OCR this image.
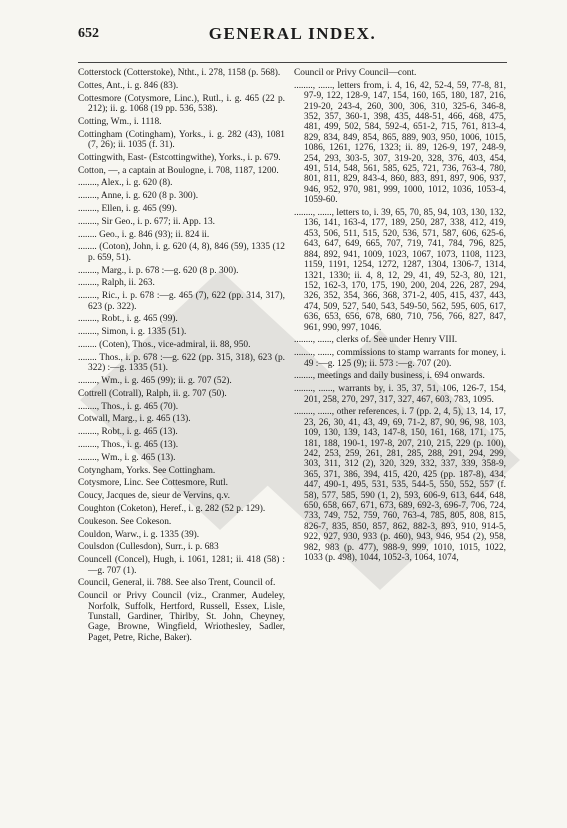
652	GENERAL INDEX.

Cotterstock (Cotterstoke), Ntht., i. 278, 1158 (p. 568).

Cottes, Ant., i. g. 846 (83).

Cottesmore (Cotysmore, Linc.), Rutl., i. g. 465 (22 p. 212); ii. g. 1068 (19 pp. 536, 538).

Cotting, Wm., i. 1118.

Cottingham (Cotingham), Yorks., i. g. 282 (43), 1081 (7, 26); ii. 1035 (f. 31).

Cottingwith, East- (Estcottingwithe), Yorks., i. p. 679.

Cotton, —, a captain at Boulogne, i. 708, 1187, 1200.

........, Alex., i. g. 620 (8).

........, Anne, i. g. 620 (8 p. 300).

........, Ellen, i. g. 465 (99).

........, Sir Geo., i. p. 677; ii. App. 13.

........ Geo., i. g. 846 (93); ii. 824 ii.

........ (Coton), John, i. g. 620 (4, 8), 846 (59), 1335 (12 p. 659, 51).

........, Marg., i. p. 678 :—g. 620 (8 p. 300).

........, Ralph, ii. 263.

........, Ric., i. p. 678 :—g. 465 (7), 622 (pp. 314, 317), 623 (p. 322).

........, Robt., i. g. 465 (99).

........, Simon, i. g. 1335 (51).

........ (Coten), Thos., vice-admiral, ii. 88, 950.

........ Thos., i. p. 678 :—g. 622 (pp. 315, 318), 623 (p. 322) :—g. 1335 (51).

........, Wm., i. g. 465 (99); ii. g. 707 (52).

Cottrell (Cotrall), Ralph, ii. g. 707 (50).

........, Thos., i. g. 465 (70).

Cotwall, Marg., i. g. 465 (13).

........, Robt., i. g. 465 (13).

........, Thos., i. g. 465 (13).

........, Wm., i. g. 465 (13).

Cotyngham, Yorks. See Cottingham.

Cotysmore, Linc. See Cottesmore, Rutl.

Coucy, Jacques de, sieur de Vervins, q.v.

Coughton (Coketon), Heref., i. g. 282 (52 p. 129).

Coukeson. See Cokeson.

Couldon, Warw., i. g. 1335 (39).

Coulsdon (Cullesdon), Surr., i. p. 683

Councell (Concel), Hugh, i. 1061, 1281; ii. 418 (58) :—g. 707 (1).

Council, General, ii. 788. See also Trent, Council of.

Council or Privy Council (viz., Cranmer, Audeley, Norfolk, Suffolk, Hertford, Russell, Essex, Lisle, Tunstall, Gardiner, Thirlby, St. John, Cheyney, Gage, Browne, Wingfield, Wriothesley, Sadler, Paget, Petre, Riche, Baker).

Council or Privy Council—cont.

........, ......, letters from, i. 4, 16, 42, 52-4, 59, 77-8, 81, 97-9, 122, 128-9, 147, 154, 160, 165, 180, 187, 216, 219-20, 243-4, 260, 300, 306, 310, 325-6, 346-8, 352, 357, 360-1, 398, 435, 448-51, 466, 468, 475, 481, 499, 502, 584, 592-4, 651-2, 715, 761, 813-4, 829, 834, 849, 854, 865, 889, 903, 950, 1006, 1015, 1086, 1261, 1276, 1323; ii. 89, 126-9, 197, 248-9, 254, 293, 303-5, 307, 319-20, 328, 376, 403, 454, 491, 514, 548, 561, 585, 625, 721, 736, 763-4, 780, 801, 811, 829, 843-4, 860, 883, 891, 897, 906, 937, 946, 952, 970, 981, 999, 1000, 1012, 1036, 1053-4, 1059-60.

........, ......, letters to, i. 39, 65, 70, 85, 94, 103, 130, 132, 136, 141, 163-4, 177, 189, 250, 287, 338, 412, 419, 453, 506, 511, 515, 520, 536, 571, 587, 606, 625-6, 643, 647, 649, 665, 707, 719, 741, 784, 796, 825, 884, 892, 941, 1009, 1023, 1067, 1073, 1108, 1123, 1159, 1191, 1254, 1272, 1287, 1304, 1306-7, 1314, 1321, 1330; ii. 4, 8, 12, 29, 41, 49, 52-3, 80, 121, 152, 162-3, 170, 175, 190, 200, 204, 226, 287, 294, 326, 352, 354, 366, 368, 371-2, 405, 415, 437, 443, 474, 509, 527, 540, 543, 549-50, 562, 595, 605, 617, 636, 653, 656, 678, 680, 710, 756, 766, 827, 847, 961, 990, 997, 1046.

........, ......, clerks of. See under Henry VIII.

........, ......, commissions to stamp warrants for money, i. 49 :—g. 125 (9); ii. 573 :—g. 707 (20).

........, meetings and daily business, i. 694 onwards.

........, ......, warrants by, i. 35, 37, 51, 106, 126-7, 154, 201, 258, 270, 297, 317, 327, 467, 603, 783, 1095.

........, ......, other references, i. 7 (pp. 2, 4, 5), 13, 14, 17, 23, 26, 30, 41, 43, 49, 69, 71-2, 87, 90, 96, 98, 103, 109, 130, 139, 143, 147-8, 150, 161, 168, 171, 175, 181, 188, 190-1, 197-8, 207, 210, 215, 229 (p. 100), 242, 253, 259, 261, 281, 285, 288, 291, 294, 299, 303, 311, 312 (2), 320, 329, 332, 337, 339, 358-9, 365, 371, 386, 394, 415, 420, 425 (pp. 187-8), 434, 447, 490-1, 495, 531, 535, 544-5, 550, 552, 557 (f. 58), 577, 585, 590 (1, 2), 593, 606-9, 613, 644, 648, 650, 658, 667, 671, 673, 689, 692-3, 696-7, 706, 724, 733, 749, 752, 759, 760, 763-4, 785, 805, 808, 815, 826-7, 835, 850, 857, 862, 882-3, 893, 910, 914-5, 922, 927, 930, 933 (p. 460), 943, 946, 954 (2), 958, 982, 983 (p. 477), 988-9, 999, 1010, 1015, 1022, 1033 (p. 498), 1044, 1052-3, 1064, 1074,
